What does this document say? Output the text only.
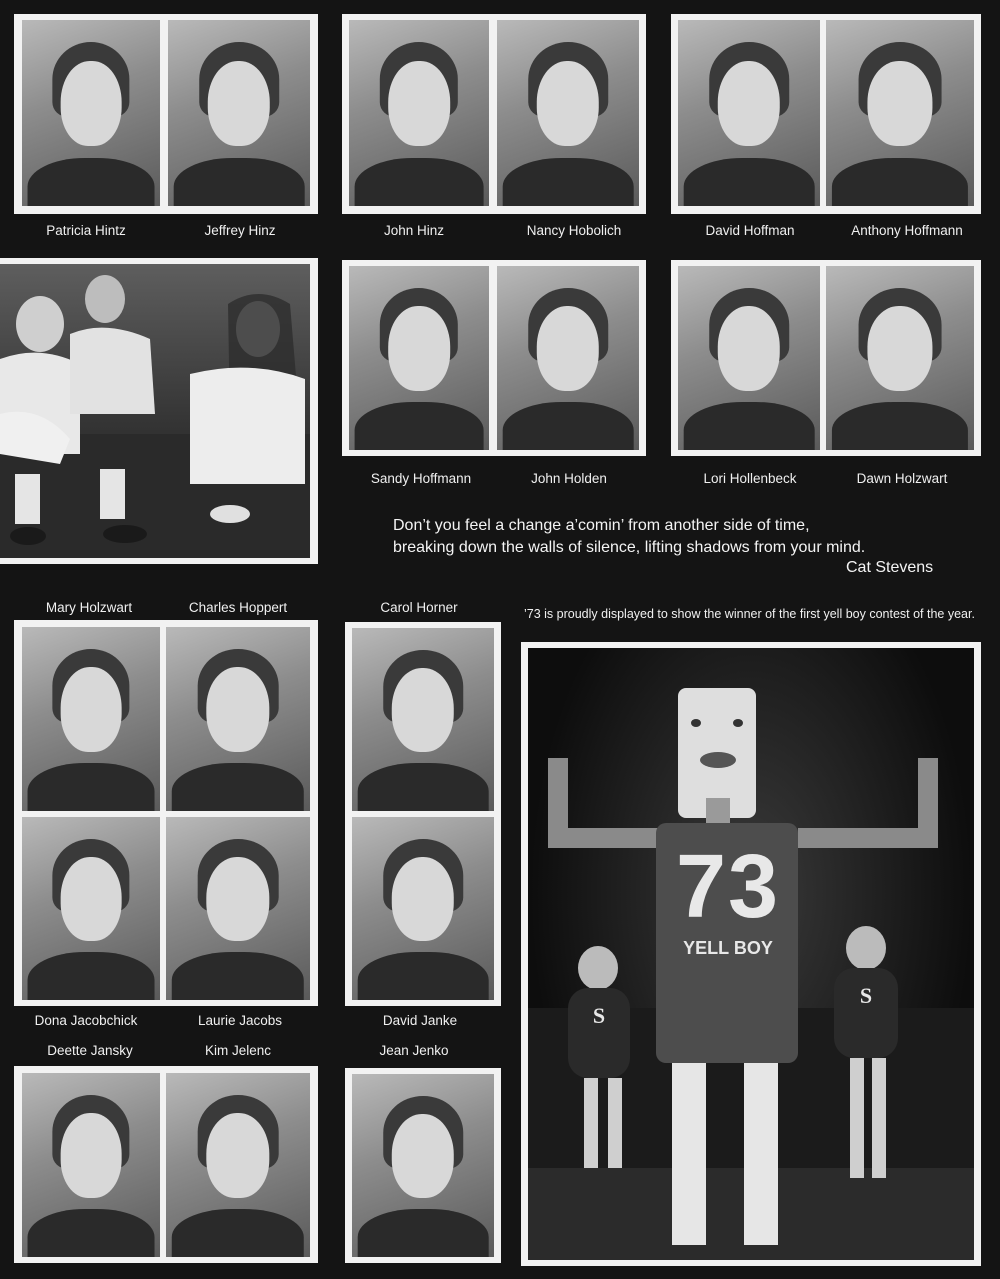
Patricia Hintz	Jeffrey Hinz	John Hinz	Nancy Hobolich	David Hoffman	Anthony Hoffmann
Sandy Hoffmann	John Holden	Lori Hollenbeck	Dawn Holzwart
Don’t you feel a change a’comin’ from another side of time,
breaking down the walls of silence, lifting shadows from your mind.
Cat Stevens
Mary Holzwart	Charles Hoppert	Carol Horner	’73 is proudly displayed to show the winner of the first yell boy contest of the year.
Dona Jacobchick	Laurie Jacobs	David Janke
Deette Jansky	Kim Jelenc	Jean Jenko
73
YELL BOY
S
S
